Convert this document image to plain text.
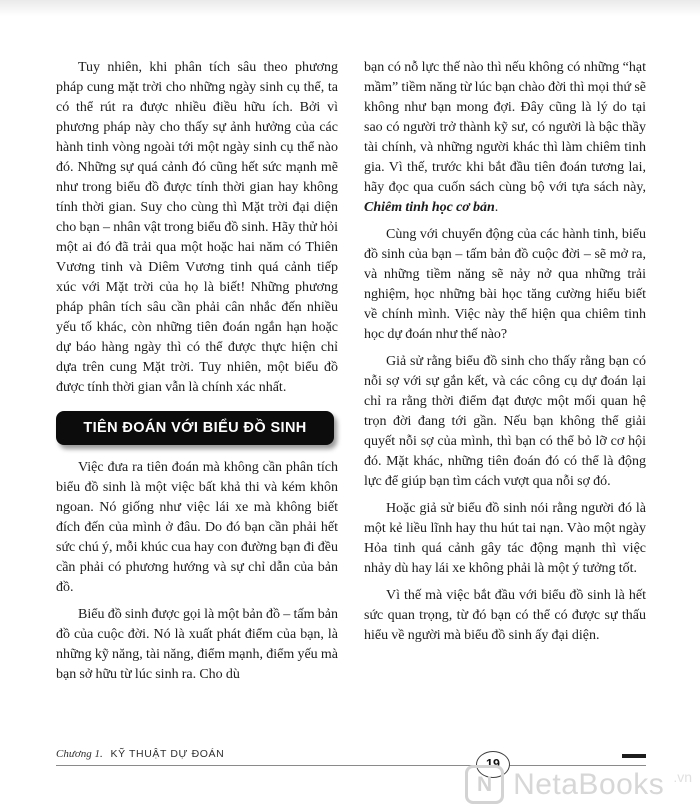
Tuy nhiên, khi phân tích sâu theo phương pháp cung mặt trời cho những ngày sinh cụ thể, ta có thể rút ra được nhiều điều hữu ích. Bởi vì phương pháp này cho thấy sự ảnh hưởng của các hành tinh vòng ngoài tới một ngày sinh cụ thể nào đó. Những sự quá cảnh đó cũng hết sức mạnh mẽ như trong biểu đồ được tính thời gian hay không tính thời gian. Suy cho cùng thì Mặt trời đại diện cho bạn – nhân vật trong biểu đồ sinh. Hãy thử hỏi một ai đó đã trải qua một hoặc hai năm có Thiên Vương tinh và Diêm Vương tinh quá cảnh tiếp xúc với Mặt trời của họ là biết! Những phương pháp phân tích sâu cần phải cân nhắc đến nhiều yếu tố khác, còn những tiên đoán ngắn hạn hoặc dự báo hàng ngày thì có thể được thực hiện chỉ dựa trên cung Mặt trời. Tuy nhiên, một biểu đồ được tính thời gian vẫn là chính xác nhất.

TIÊN ĐOÁN VỚI BIỂU ĐỒ SINH

Việc đưa ra tiên đoán mà không cần phân tích biểu đồ sinh là một việc bất khả thi và kém khôn ngoan. Nó giống như việc lái xe mà không biết đích đến của mình ở đâu. Do đó bạn cần phải hết sức chú ý, mỗi khúc cua hay con đường bạn đi đều cần phải có phương hướng và sự chỉ dẫn của bản đồ.

Biểu đồ sinh được gọi là một bản đồ – tấm bản đồ của cuộc đời. Nó là xuất phát điểm của bạn, là những kỹ năng, tài năng, điểm mạnh, điểm yếu mà bạn sở hữu từ lúc sinh ra. Cho dù

bạn có nỗ lực thế nào thì nếu không có những “hạt mầm” tiềm năng từ lúc bạn chào đời thì mọi thứ sẽ không như bạn mong đợi. Đây cũng là lý do tại sao có người trở thành kỹ sư, có người là bậc thầy tài chính, và những người khác thì làm chiêm tinh gia. Vì thế, trước khi bắt đầu tiên đoán tương lai, hãy đọc qua cuốn sách cùng bộ với tựa sách này, Chiêm tinh học cơ bản.

Cùng với chuyển động của các hành tinh, biểu đồ sinh của bạn – tấm bản đồ cuộc đời – sẽ mở ra, và những tiềm năng sẽ nảy nở qua những trải nghiệm, học những bài học tăng cường hiểu biết về chính mình. Việc này thể hiện qua chiêm tinh học dự đoán như thế nào?

Giả sử rằng biểu đồ sinh cho thấy rằng bạn có nỗi sợ với sự gắn kết, và các công cụ dự đoán lại chỉ ra rằng thời điểm đạt được một mối quan hệ trọn đời đang tới gần. Nếu bạn không thể giải quyết nỗi sợ của mình, thì bạn có thể bỏ lỡ cơ hội đó. Mặt khác, những tiên đoán đó có thể là động lực để giúp bạn tìm cách vượt qua nỗi sợ đó.

Hoặc giả sử biểu đồ sinh nói rằng người đó là một kẻ liều lĩnh hay thu hút tai nạn. Vào một ngày Hỏa tinh quá cảnh gây tác động mạnh thì việc nhảy dù hay lái xe không phải là một ý tưởng tốt.

Vì thế mà việc bắt đầu với biểu đồ sinh là hết sức quan trọng, từ đó bạn có thể có được sự thấu hiểu về người mà biểu đồ sinh ấy đại diện.

Chương 1. KỸ THUẬT DỰ ĐOÁN
19
N NetaBooks .vn
